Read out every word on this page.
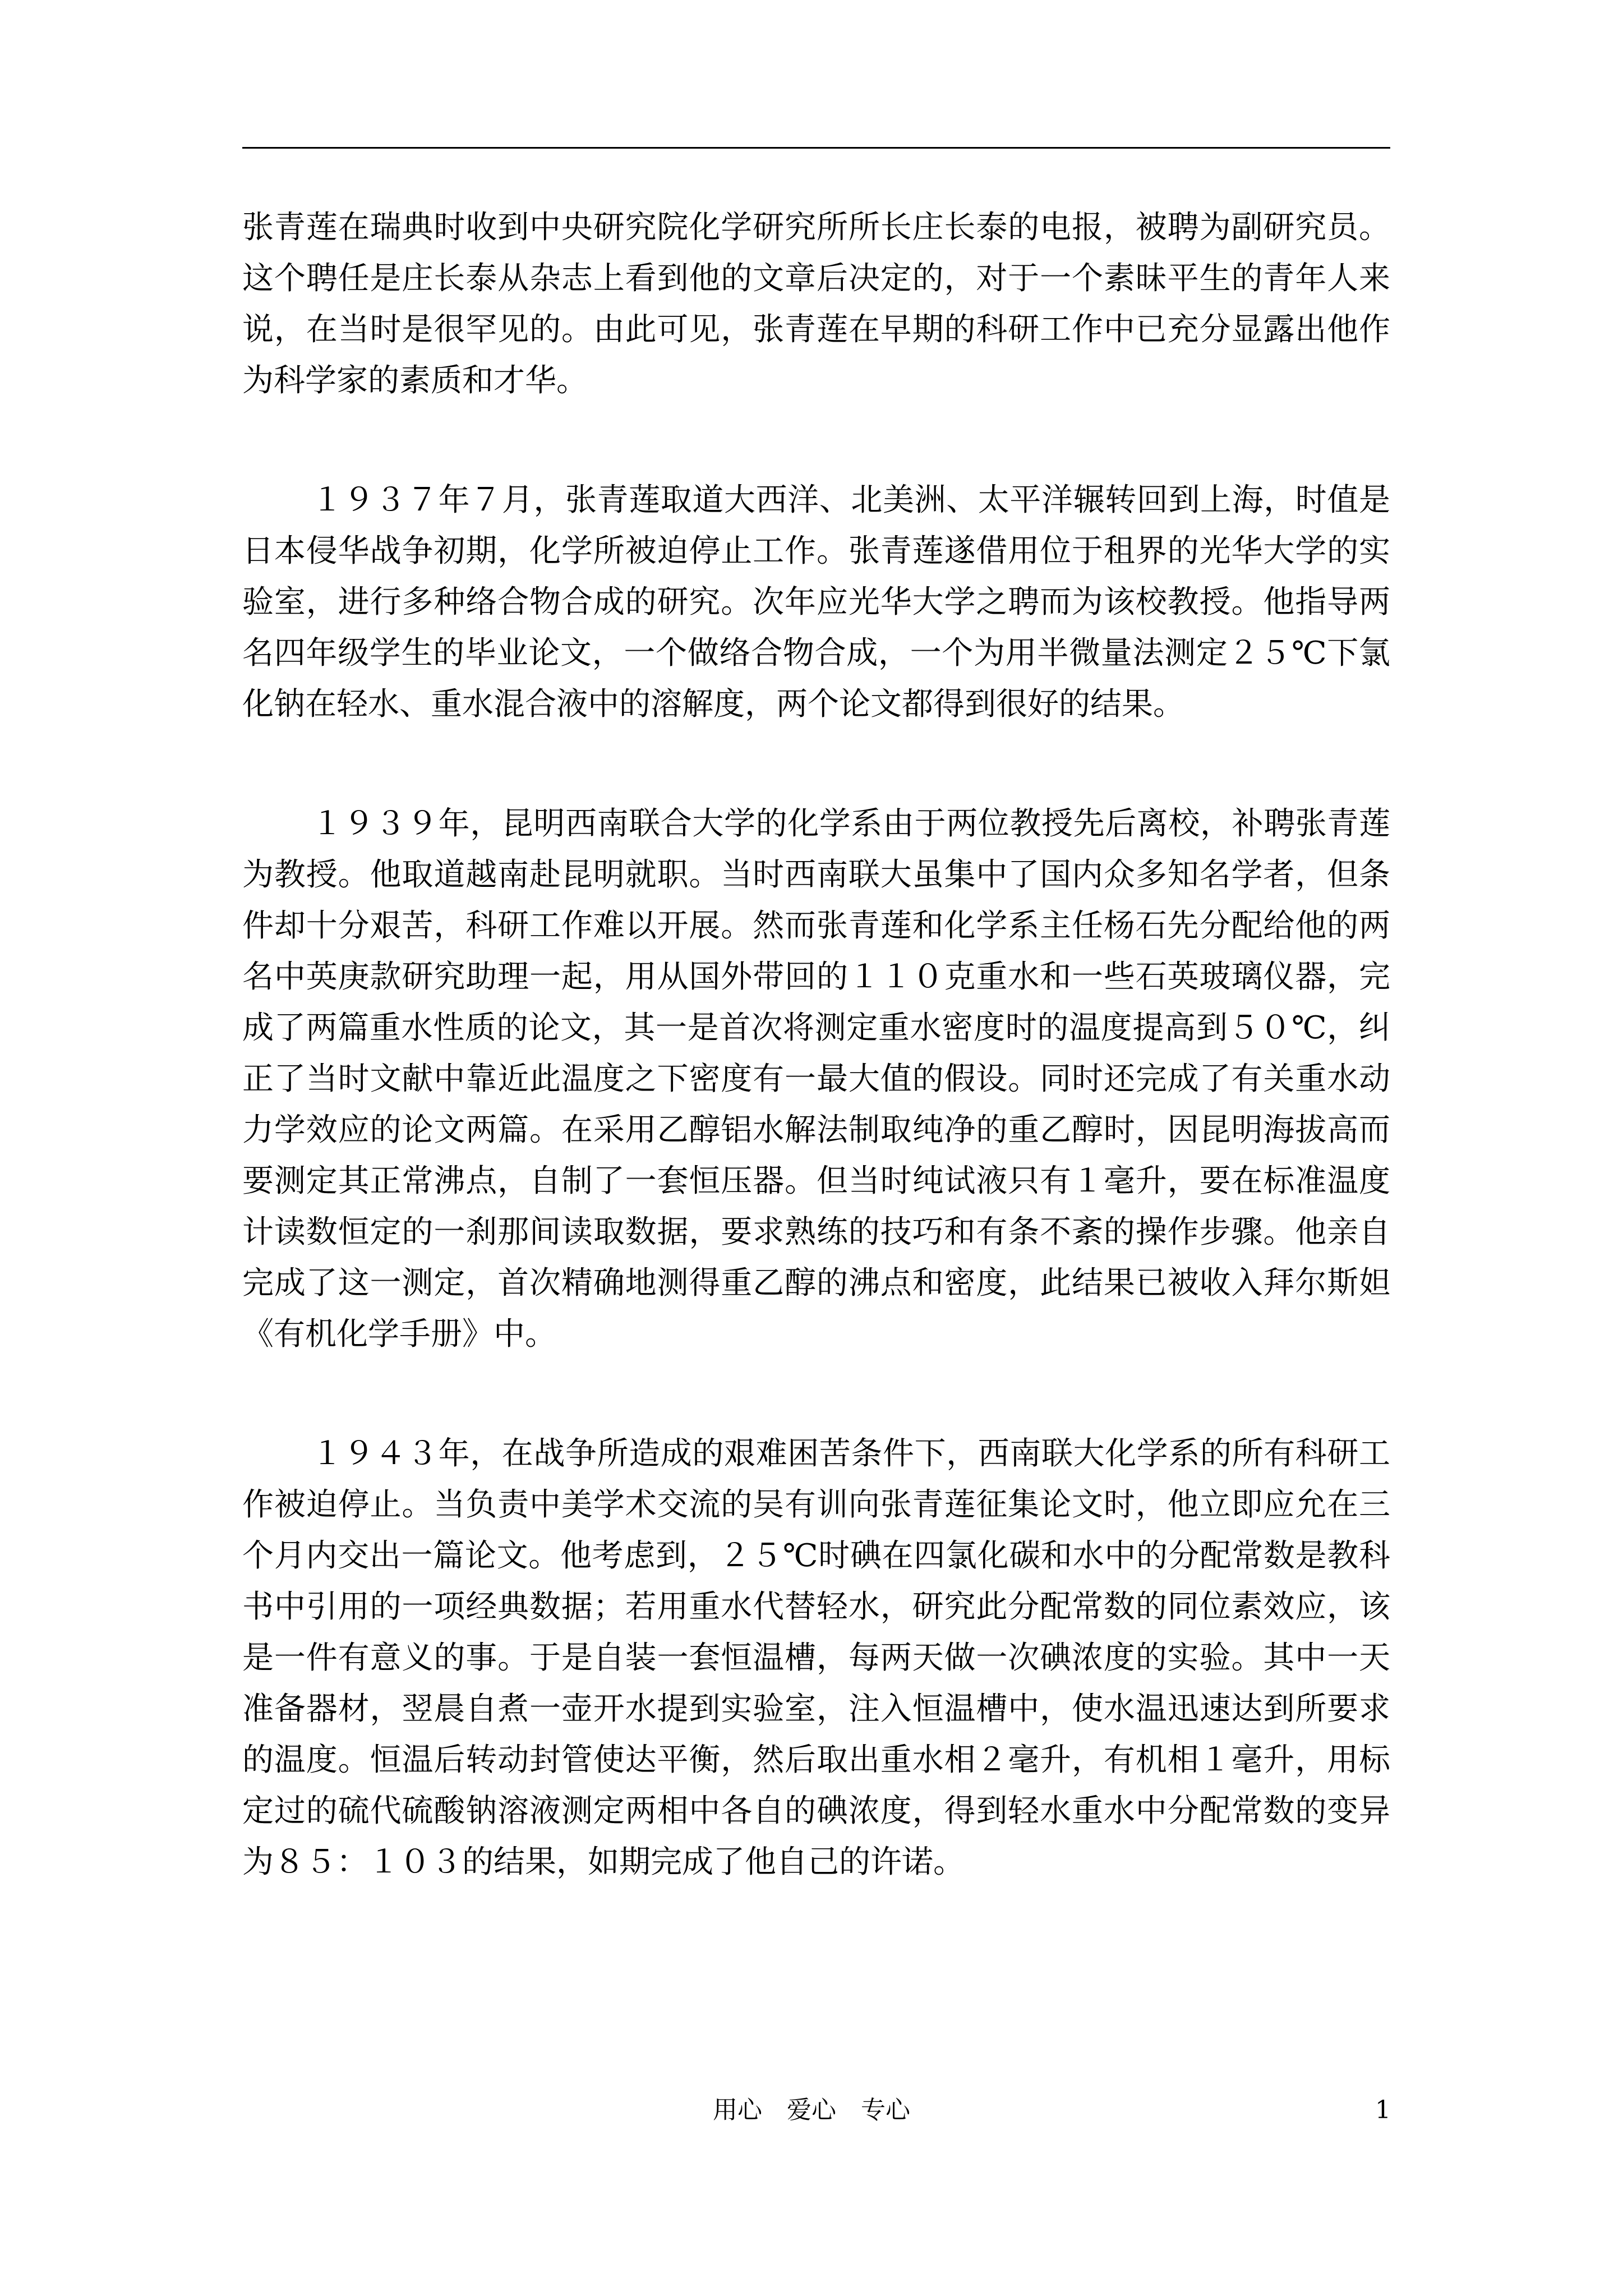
张青莲在瑞典时收到中央研究院化学研究所所长庄长泰的电报，被聘为副研究员。这个聘任是庄长泰从杂志上看到他的文章后决定的，对于一个素昧平生的青年人来说，在当时是很罕见的。由此可见，张青莲在早期的科研工作中已充分显露出他作为科学家的素质和才华。

１９３７年７月，张青莲取道大西洋、北美洲、太平洋辗转回到上海，时值是日本侵华战争初期，化学所被迫停止工作。张青莲遂借用位于租界的光华大学的实验室，进行多种络合物合成的研究。次年应光华大学之聘而为该校教授。他指导两名四年级学生的毕业论文，一个做络合物合成，一个为用半微量法测定２５℃下氯化钠在轻水、重水混合液中的溶解度，两个论文都得到很好的结果。

１９３９年，昆明西南联合大学的化学系由于两位教授先后离校，补聘张青莲为教授。他取道越南赴昆明就职。当时西南联大虽集中了国内众多知名学者，但条件却十分艰苦，科研工作难以开展。然而张青莲和化学系主任杨石先分配给他的两名中英庚款研究助理一起，用从国外带回的１１０克重水和一些石英玻璃仪器，完成了两篇重水性质的论文，其一是首次将测定重水密度时的温度提高到５０℃，纠正了当时文献中靠近此温度之下密度有一最大值的假设。同时还完成了有关重水动力学效应的论文两篇。在采用乙醇铝水解法制取纯净的重乙醇时，因昆明海拔高而要测定其正常沸点，自制了一套恒压器。但当时纯试液只有１毫升，要在标准温度计读数恒定的一刹那间读取数据，要求熟练的技巧和有条不紊的操作步骤。他亲自完成了这一测定，首次精确地测得重乙醇的沸点和密度，此结果已被收入拜尔斯妲《有机化学手册》中。

１９４３年，在战争所造成的艰难困苦条件下，西南联大化学系的所有科研工作被迫停止。当负责中美学术交流的吴有训向张青莲征集论文时，他立即应允在三个月内交出一篇论文。他考虑到，２５℃时碘在四氯化碳和水中的分配常数是教科书中引用的一项经典数据；若用重水代替轻水，研究此分配常数的同位素效应，该是一件有意义的事。于是自装一套恒温槽，每两天做一次碘浓度的实验。其中一天准备器材，翌晨自煮一壶开水提到实验室，注入恒温槽中，使水温迅速达到所要求的温度。恒温后转动封管使达平衡，然后取出重水相２毫升，有机相１毫升，用标定过的硫代硫酸钠溶液测定两相中各自的碘浓度，得到轻水重水中分配常数的变异为８５：１０３的结果，如期完成了他自己的许诺。

用心　爱心　专心	1
